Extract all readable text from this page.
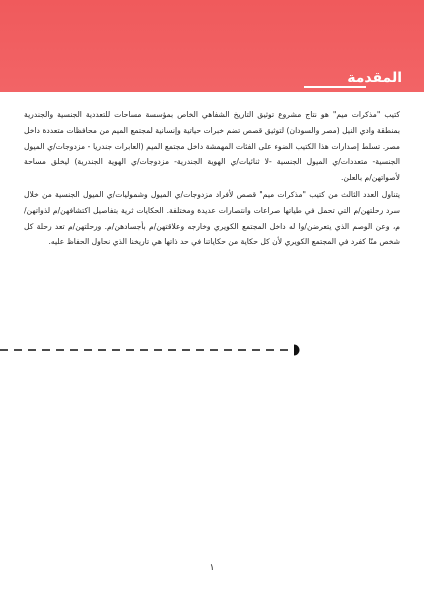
المقدمة

كتيب "مذكرات ميم" هو نتاج مشروع توثيق التاريخ الشفاهي الخاص بمؤسسة مساحات للتعددية الجنسية والجندرية بمنطقة وادي النيل (مصر والسودان) لتوثيق قصص تضم خبرات حياتية وإنسانية لمجتمع الميم من محافظات متعددة داخل مصر. تسلط إصدارات هذا الكتيب الضوء على الفئات المهمشة داخل مجتمع الميم (العابرات جندريا - مزدوجات/ي الميول الجنسية- متعددات/ي الميول الجنسية -لا ثنائيات/ي الهوية الجندرية- مزدوجات/ي الهوية الجندرية) ليخلق مساحة لأصواتهن/م بالعلن.

يتناول العدد الثالث من كتيب "مذكرات ميم" قصص لأفراد مزدوجات/ي الميول وشموليات/ي الميول الجنسية من خلال سرد رحلتهن/م التي تحمل في طياتها صراعات وانتصارات عديدة ومختلفة. الحكايات ثرية بتفاصيل اكتشافهن/م لذواتهن/م، وعن الوصم الذي يتعرضن/وا له داخل المجتمع الكويري وخارجه وعلاقتهن/م بأجسادهن/م. ورحلتهن/م تعد رحلة كل شخص منّا كفرد في المجتمع الكويري لأن كل حكاية من حكاياتنا في حد ذاتها هي تاريخنا الذي نحاول الحفاظ عليه.

١
